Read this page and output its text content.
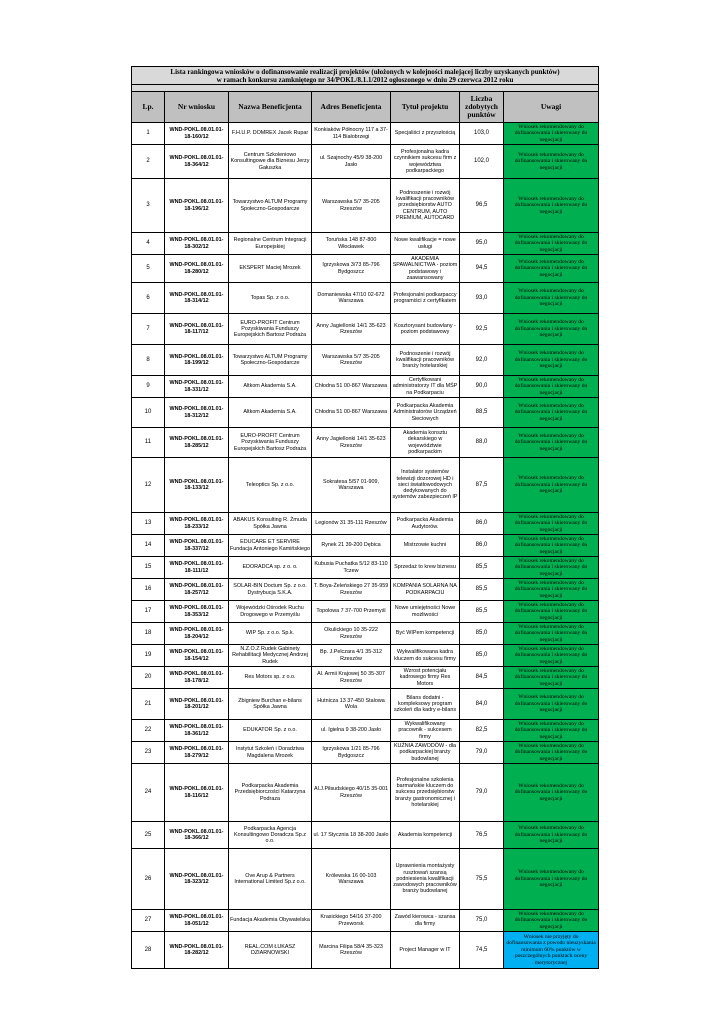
Lista rankingowa wniosków o dofinansowanie realizacji projektów (ułożonych w kolejności malejącej liczby uzyskanych punktów)
w ramach konkursu zamkniętego nr 34/POKL/8.1.1/2012 ogłoszonego w dniu 29 czerwca 2012 roku						

Lp.	Nr wniosku	Nazwa Beneficjenta	Adres Beneficjenta	Tytuł projektu	Liczba zdobytych punktów	Uwagi
1	WND-POKL.08.01.01-18-160/12	F.H.U.P. DOMREX Jacek Rupar	Konkiaków Północny 117 a 37-114 Białobrzegi	Specjaliści z przyszłością	103,0	Wniosek rekomendowany do dofinansowania i skierowany do negocjacji
2	WND-POKL.08.01.01-18-364/12	Centrum Szkoleniowo Konsultingowe dla Biznesu Jerzy Gałuszka	ul. Szajnochy 45/9 38-200 Jasło	Profesjonalna kadra czynnikiem sukcesu firm z województwa podkarpackiego	102,0	Wniosek rekomendowany do dofinansowania i skierowany do negocjacji
3	WND-POKL.08.01.01-18-196/12	Towarzystwo ALTUM Programy Społeczno-Gospodarcze	Warszawska 5/7 35-205 Rzeszów	Podnoszenie i rozwój kwalifikacji pracowników przedsiębiorstw AUTO CENTRUM, AUTO PREMIUM, AUTOCARD	96,5	Wniosek rekomendowany do dofinansowania i skierowany do negocjacji
4	WND-POKL.08.01.01-18-302/12	Regionalne Centrum Integracji Europejskiej	Toruńska 148 87-800 Włocławek	Nowe kwalifikacje = nowe usługi	95,0	Wniosek rekomendowany do dofinansowania i skierowany do negocjacji
5	WND-POKL.08.01.01-18-280/12	EKSPERT Maciej Mrozek	Igrzyskowa 3/73 85-796 Bydgoszcz	AKADEMIA SPAWALNICTWA - poziom podstawowy i zaawansowany	94,5	Wniosek rekomendowany do dofinansowania i skierowany do negocjacji
6	WND-POKL.08.01.01-18-314/12	Topas Sp. z o.o.	Domaniewska 47/10 02-672 Warszawa	Profesjonalni podkarpaccy programiści z certyfikatem	93,0	Wniosek rekomendowany do dofinansowania i skierowany do negocjacji
7	WND-POKL.08.01.01-18-117/12	EURO-PROFIT Centrum Pozyskiwania Funduszy Europejskich Bartosz Podraża	Anny Jagiellonki 14/1 35-623 Rzeszów	Kosztorysant budowlany - poziom podstawowy	92,5	Wniosek rekomendowany do dofinansowania i skierowany do negocjacji
8	WND-POKL.08.01.01-18-199/12	Towarzystwo ALTUM Programy Społeczno-Gospodarcze	Warszawska 5/7 35-205 Rzeszów	Podnoszenie i rozwój kwalifikacji pracowników branży hotelarskiej	92,0	Wniosek rekomendowany do dofinansowania i skierowany do negocjacji
9	WND-POKL.08.01.01-18-331/12	Altkom Akademia S.A.	Chłodna 51 00-867 Warszawa	Certyfikowani administratorzy IT dla MŚP na Podkarpaciu	90,0	Wniosek rekomendowany do dofinansowania i skierowany do negocjacji
10	WND-POKL.08.01.01-18-312/12	Altkom Akademia S.A.	Chłodna 51 00-867 Warszawa	Podkarpacka Akademia Administratorów Urządzeń Sieciowych	88,5	Wniosek rekomendowany do dofinansowania i skierowany do negocjacji
11	WND-POKL.08.01.01-18-285/12	EURO-PROFIT Centrum Pozyskiwania Funduszy Europejskich Bartosz Podraża	Anny Jagiellonki 14/1 35-623 Rzeszów	Akademia konsztu dekarskiego w województwie podkarpackim	88,0	Wniosek rekomendowany do dofinansowania i skierowany do negocjacji
12	WND-POKL.08.01.01-18-133/12	Teleoptics Sp. z o.o.	Sokratesa 5/57 01-909, Warszawa	Instalator systemów telewizji dozorowej HD i sieci światłowodowych dedykowanych do systemów zabezpieczeń IP	87,5	Wniosek rekomendowany do dofinansowania i skierowany do negocjacji
13	WND-POKL.08.01.01-18-233/12	ABAKUS Konsulting R. Żmuda Spółka Jawna	Legionów 31 35-111 Rzeszów	Podkarpacka Akademia Audytorów.	86,0	Wniosek rekomendowany do dofinansowania i skierowany do negocjacji
14	WND-POKL.08.01.01-18-337/12	EDUCARE ET SERVIRE Fundacja Antoniego Kamińskiego	Rynek 21 39-200 Dębica	Mistrzowie kuchni	86,0	Wniosek rekomendowany do dofinansowania i skierowany do negocjacji
15	WND-POKL.08.01.01-18-111/12	EDORADCA sp. z o. o.	Kubusia Puchatka 5/12 83-110 Tczew	Sprzedaż to krew biznesu	85,5	Wniosek rekomendowany do dofinansowania i skierowany do negocjacji
16	WND-POKL.08.01.01-18-257/12	SOLAR-BIN Doctum Sp. z o.o. Dystrybucja S.K.A.	T. Boya-Żeleńskiego 27 35-959 Rzeszów	KOMPANIA SOLARNA NA PODKARPACIU	85,5	Wniosek rekomendowany do dofinansowania i skierowany do negocjacji
17	WND-POKL.08.01.01-18-353/12	Wojewódzki Ośrodek Ruchu Drogowego w Przemyślu	Topolowa 7 37-700 Przemyśl	Nowe umiejętności Nowe możliwości	85,5	Wniosek rekomendowany do dofinansowania i skierowany do negocjacji
18	WND-POKL.08.01.01-18-204/12	WIP Sp. z o.o. Sp.k.	Okulickiego 10 35-222 Rzeszów	Być WIPem kompetencji	85,0	Wniosek rekomendowany do dofinansowania i skierowany do negocjacji
19	WND-POKL.08.01.01-18-154/12	N.Z.O.Z Rudek Gabinety Rehabilitacji Medycznej Andrzej Rudek	Bp. J.Pelczara 4/1 35-312 Rzeszów	Wykwalifikowana kadra kluczem do sukcesu firmy	85,0	Wniosek rekomendowany do dofinansowania i skierowany do negocjacji
20	WND-POKL.08.01.01-18-178/12	Res Motors sp. z o.o.	Al. Armii Krajowej 50 35-307 Rzeszów	Wzrost potencjału kadrowego firmy Res Motors	84,5	Wniosek rekomendowany do dofinansowania i skierowany do negocjacji
21	WND-POKL.08.01.01-18-201/12	Zbigniew Burchan e-bilans Spółka Jawna	Hutnicza 13 37-450 Stalowa Wola	Bilans dodatni - kompleksowy program szkoleń dla kadry e-bilans	84,0	Wniosek rekomendowany do dofinansowania i skierowany do negocjacji
22	WND-POKL.08.01.01-18-361/12	EDUKATOR Sp. z o.o.	ul. Igielna 9 38-200 Jasło	Wykwalifikowany pracownik - sukcesem firmy	82,5	Wniosek rekomendowany do dofinansowania i skierowany do negocjacji
23	WND-POKL.08.01.01-18-279/12	Instytut Szkoleń i Doradztwa Magdalena Mrozek	Igrzyskowa 1/21 85-796 Bydgoszcz	KUŹNIA ZAWODÓW - dla podkarpackiej branży budowlanej	79,0	Wniosek rekomendowany do dofinansowania i skierowany do negocjacji
24	WND-POKL.08.01.01-18-116/12	Podkarpacka Akademia Przedsiębiorczości Katarzyna Podraza	Al.J.Piłsudskiego 40/15 35-001 Rzeszów	Profesjonalne szkolenia barmańskie kluczem do sukcesu przedsiębiorstw branży gastronomicznej i hotelarskiej	79,0	Wniosek rekomendowany do dofinansowania i skierowany do negocjacji
25	WND-POKL.08.01.01-18-366/12	Podkarpacka Agencja Konsultingowo Doradcza Sp.z o.o.	ul. 17 Stycznia 18 38-200 Jasło	Akademia kompetencji	76,5	Wniosek rekomendowany do dofinansowania i skierowany do negocjacji
26	WND-POKL.08.01.01-18-323/12	Ove Arup & Partners International Limited Sp.z o.o.	Królewska 16 00-103 Warszawa	Uprawnienia montażysty rusztowań szansą podniesienia kwalifikacji zawodowych pracowników branży budowlanej	75,5	Wniosek rekomendowany do dofinansowania i skierowany do negocjacji
27	WND-POKL.08.01.01-18-051/12	Fundacja Akademia Obywatelska	Krasickiego 54/16 37-200 Przeworsk	Zawód kierowca - szansa dla firmy	75,0	Wniosek rekomendowany do dofinansowania i skierowany do negocjacji
28	WND-POKL.08.01.01-18-282/12	REAL.COM ŁUKASZ DZIARNOWSKI	Marcina Filipa 58/4 35-323 Rzeszów	Project Manager w IT	74,5	Wniosek nie przyjęty do dofinansowania z powodu nieuzyskania minimum 60% punktów w poszczególnych punktach oceny merytorycznej
